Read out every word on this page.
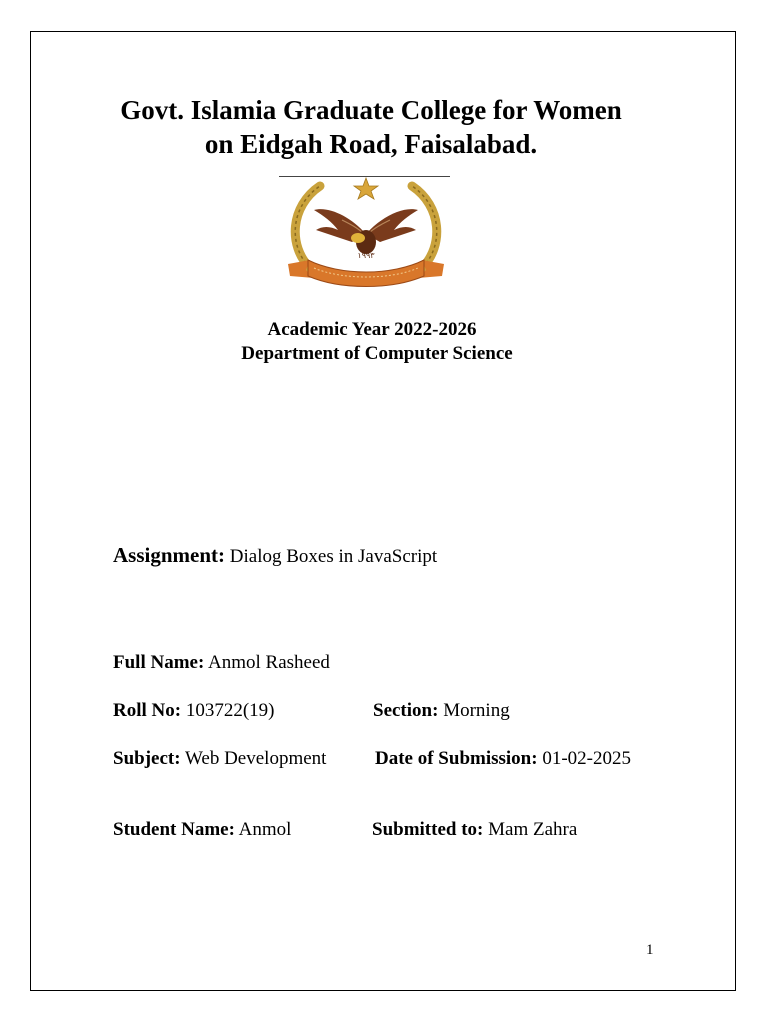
Govt. Islamia Graduate College for Women
on Eidgah Road, Faisalabad.
۱۹۹۳
Academic Year 2022-2026
Department of Computer Science
Assignment: Dialog Boxes in JavaScript
Full Name: Anmol Rasheed
Roll No: 103722(19)	Section: Morning
Subject: Web Development	Date of Submission: 01-02-2025
Student Name: Anmol	Submitted to: Mam Zahra
1
